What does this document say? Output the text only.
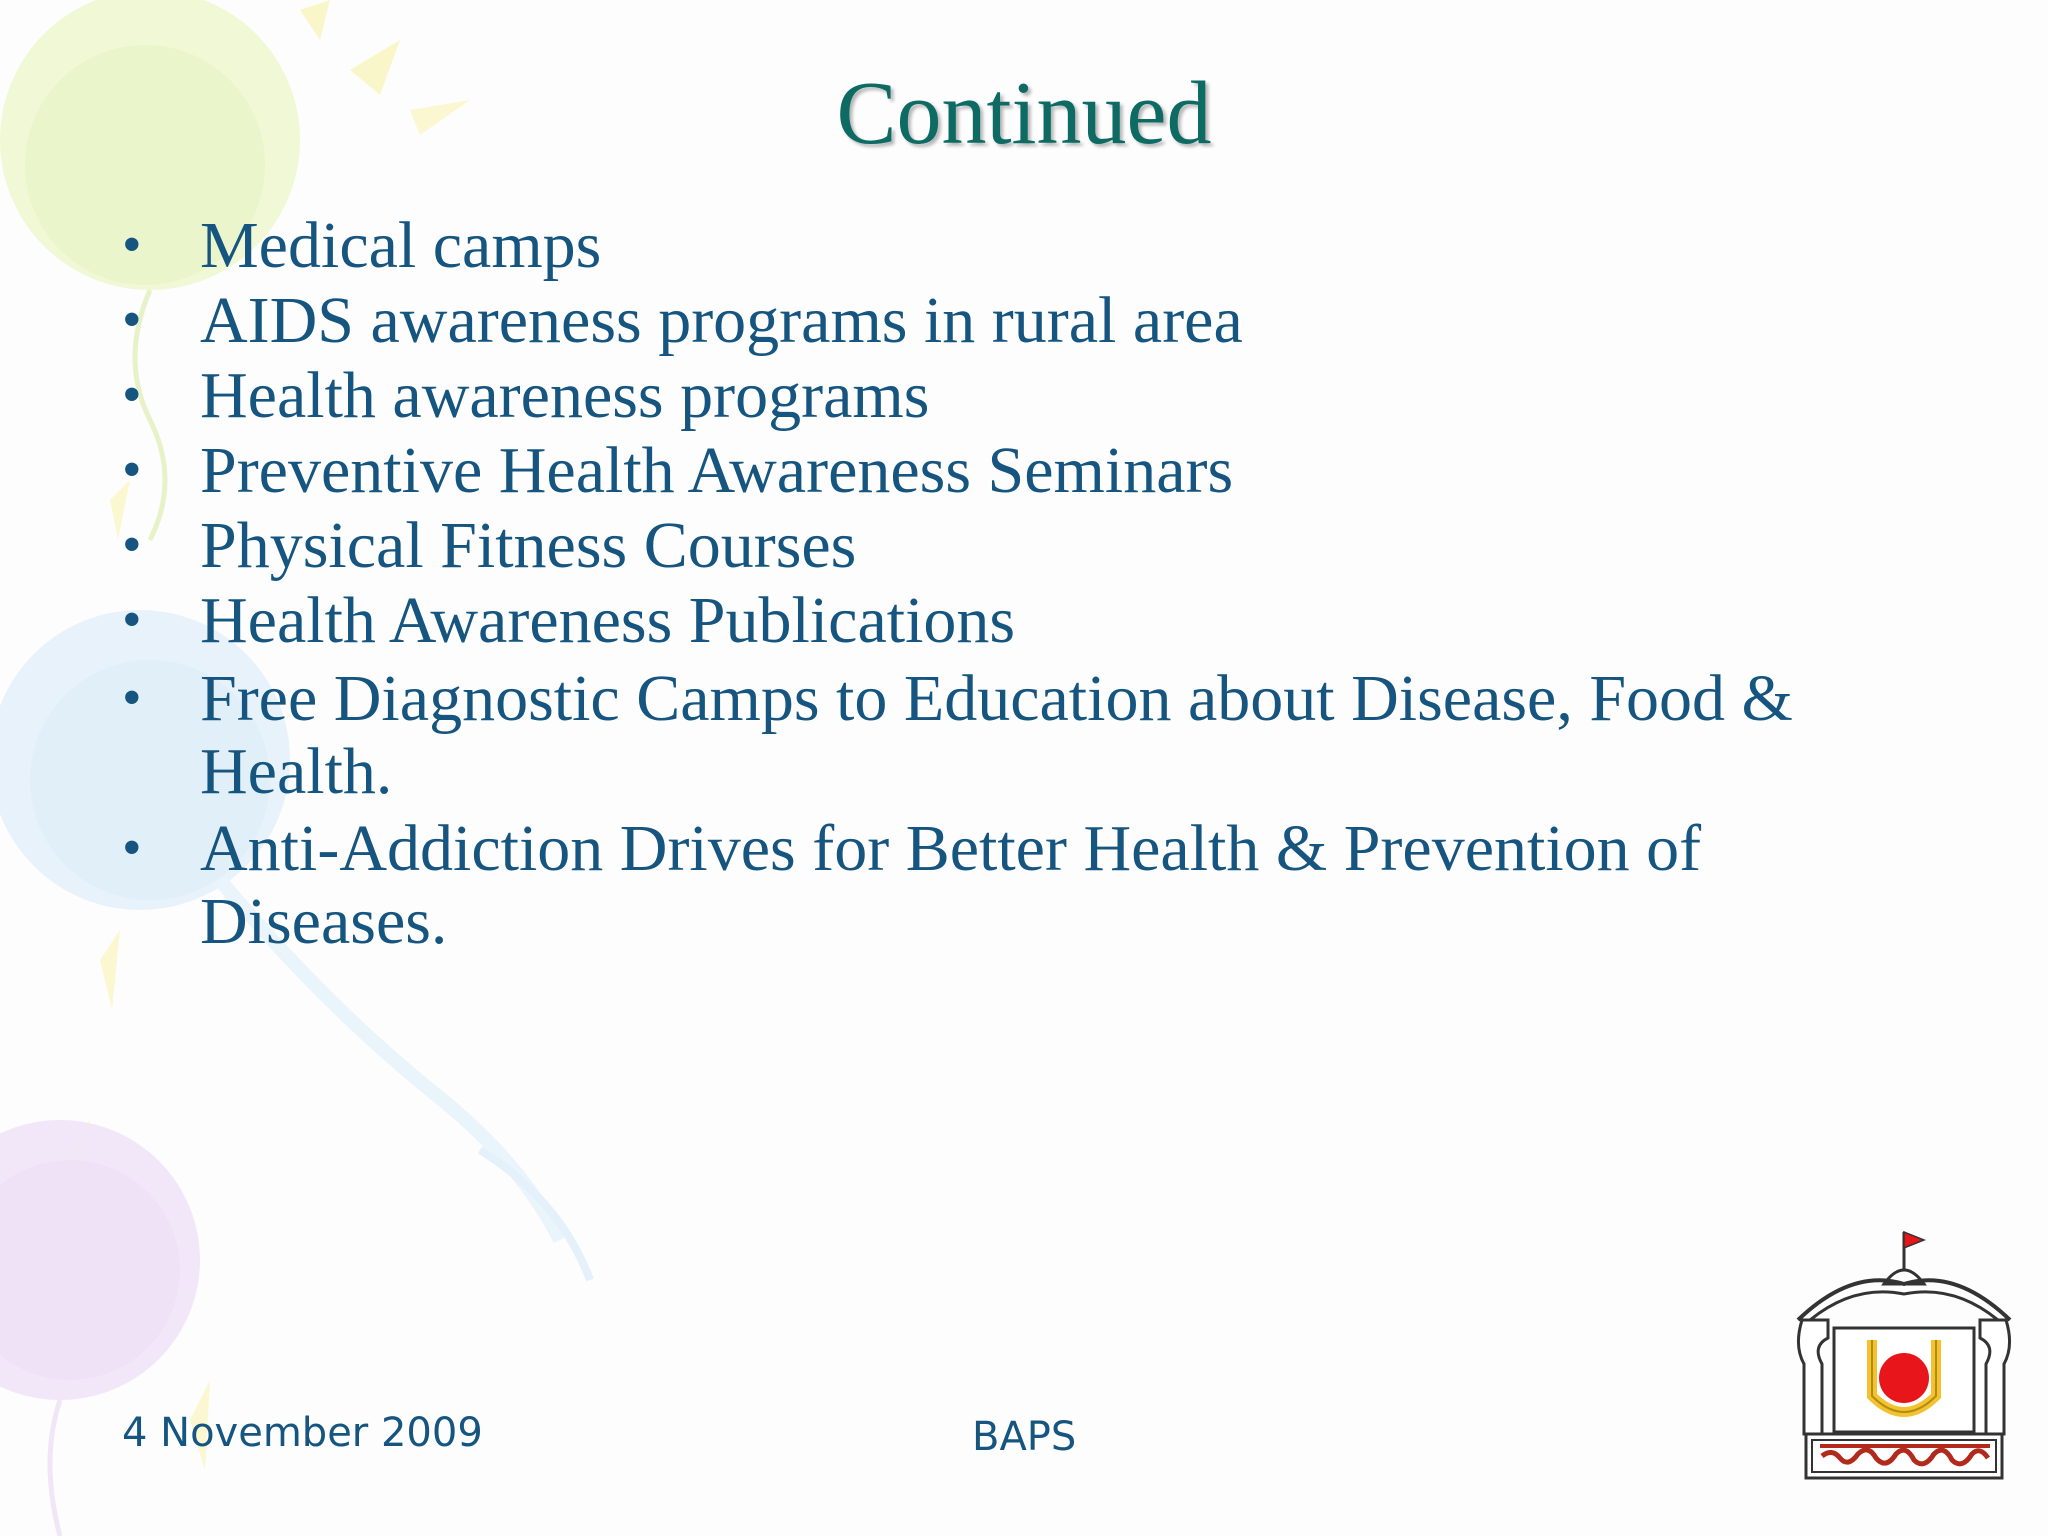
Continued
• Medical camps
• AIDS awareness programs in rural area
• Health awareness programs
• Preventive Health Awareness Seminars
• Physical Fitness Courses
• Health Awareness Publications
• Free Diagnostic Camps to Education about Disease, Food & Health.
• Anti-Addiction Drives for Better Health & Prevention of Diseases.
4 November 2009	BAPS
